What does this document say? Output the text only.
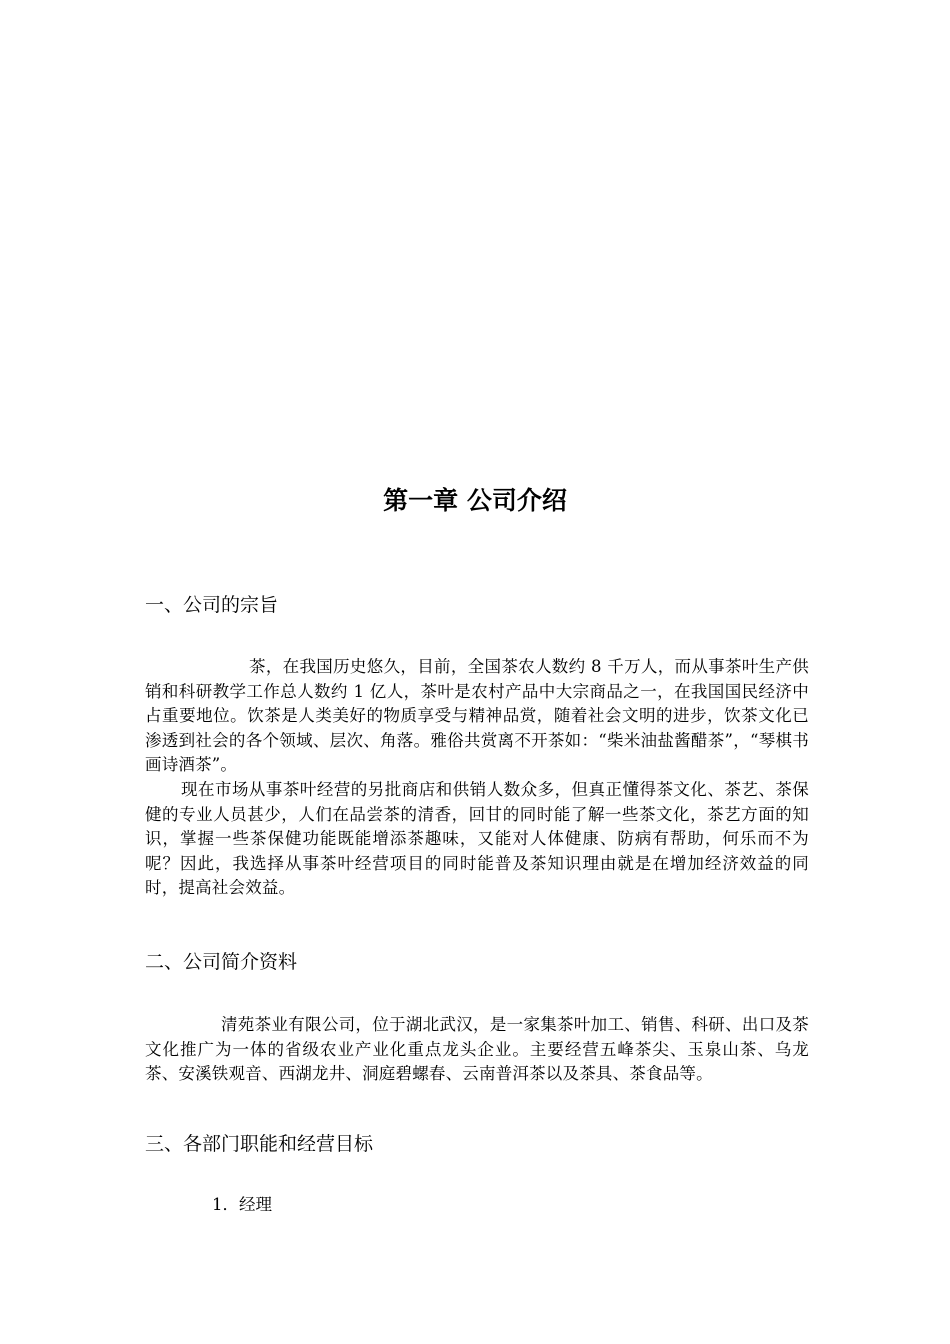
第一章 公司介绍
一、公司的宗旨

茶，在我国历史悠久，目前，全国茶农人数约 8 千万人，而从事茶叶生产供销和科研教学工作总人数约 1 亿人，茶叶是农村产品中大宗商品之一，在我国国民经济中占重要地位。饮茶是人类美好的物质享受与精神品赏，随着社会文明的进步，饮茶文化已渗透到社会的各个领域、层次、角落。雅俗共赏离不开茶如：“柴米油盐酱醋茶”，“琴棋书画诗酒茶”。

现在市场从事茶叶经营的另批商店和供销人数众多，但真正懂得茶文化、茶艺、茶保健的专业人员甚少，人们在品尝茶的清香，回甘的同时能了解一些茶文化，茶艺方面的知识，掌握一些茶保健功能既能增添茶趣味，又能对人体健康、防病有帮助，何乐而不为呢？因此，我选择从事茶叶经营项目的同时能普及茶知识理由就是在增加经济效益的同时，提高社会效益。

二、公司简介资料

清苑茶业有限公司，位于湖北武汉，是一家集茶叶加工、销售、科研、出口及茶文化推广为一体的省级农业产业化重点龙头企业。主要经营五峰茶尖、玉泉山茶、乌龙茶、安溪铁观音、西湖龙井、洞庭碧螺春、云南普洱茶以及茶具、茶食品等。

三、各部门职能和经营目标

1．经理
